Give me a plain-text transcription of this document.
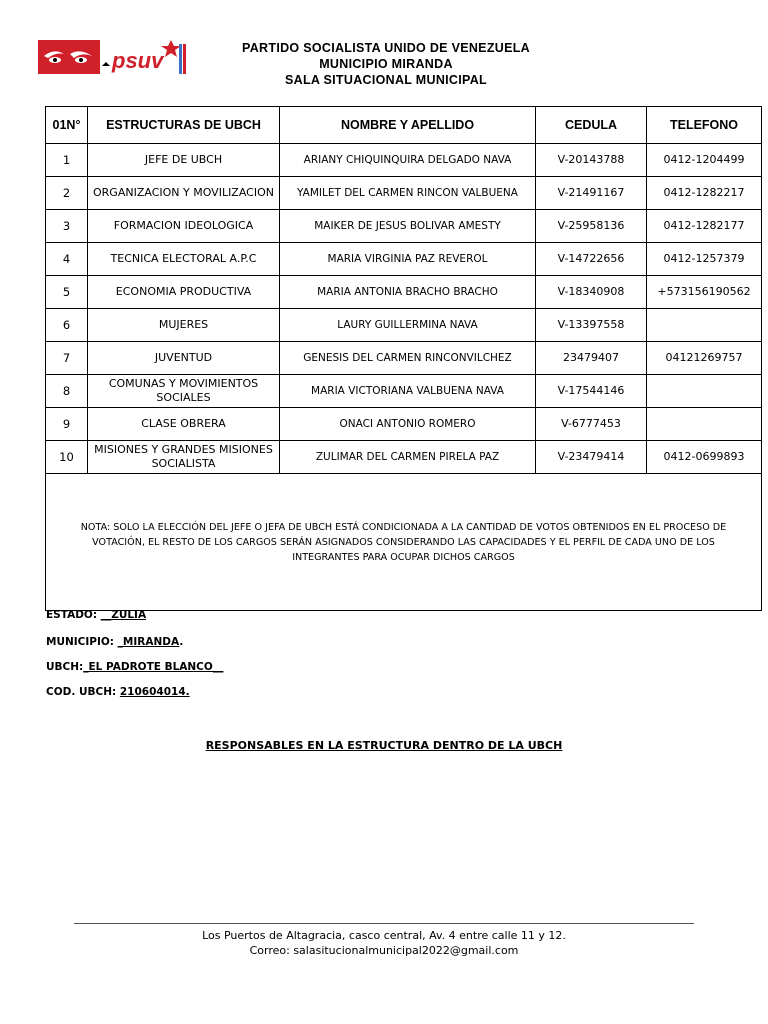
psuv	PARTIDO SOCIALISTA UNIDO DE VENEZUELA
MUNICIPIO MIRANDA
SALA SITUACIONAL MUNICIPAL
01N°	ESTRUCTURAS DE UBCH	NOMBRE Y APELLIDO	CEDULA	TELEFONO
1	JEFE DE UBCH	ARIANY CHIQUINQUIRA DELGADO NAVA	V-20143788	0412-1204499
2	ORGANIZACION Y MOVILIZACION	YAMILET DEL CARMEN RINCON VALBUENA	V-21491167	0412-1282217
3	FORMACION IDEOLOGICA	MAIKER DE JESUS BOLIVAR AMESTY	V-25958136	0412-1282177
4	TECNICA ELECTORAL A.P.C	MARIA VIRGINIA PAZ REVEROL	V-14722656	0412-1257379
5	ECONOMIA PRODUCTIVA	MARIA ANTONIA BRACHO BRACHO	V-18340908	+573156190562
6	MUJERES	LAURY GUILLERMINA NAVA	V-13397558	
7	JUVENTUD	GENESIS DEL CARMEN RINCONVILCHEZ	23479407	04121269757
8	COMUNAS Y MOVIMIENTOS SOCIALES	MARIA VICTORIANA VALBUENA NAVA	V-17544146	
9	CLASE OBRERA	ONACI ANTONIO ROMERO	V-6777453	
10	MISIONES Y GRANDES MISIONES SOCIALISTA	ZULIMAR DEL CARMEN PIRELA PAZ	V-23479414	0412-0699893
NOTA: SOLO LA ELECCIÓN DEL JEFE O JEFA DE UBCH ESTÁ CONDICIONADA A LA CANTIDAD DE VOTOS OBTENIDOS EN EL PROCESO DE VOTACIÓN, EL RESTO DE LOS CARGOS SERÁN ASIGNADOS CONSIDERANDO LAS CAPACIDADES Y EL PERFIL DE CADA UNO DE LOS INTEGRANTES PARA OCUPAR DICHOS CARGOS				
ESTADO: __ZULIA
MUNICIPIO: _MIRANDA.
UBCH:_EL PADROTE BLANCO__
COD. UBCH: 210604014.
RESPONSABLES EN LA ESTRUCTURA DENTRO DE LA UBCH
Los Puertos de Altagracia, casco central, Av. 4 entre calle 11 y 12.
Correo: salasitucionalmunicipal2022@gmail.com
